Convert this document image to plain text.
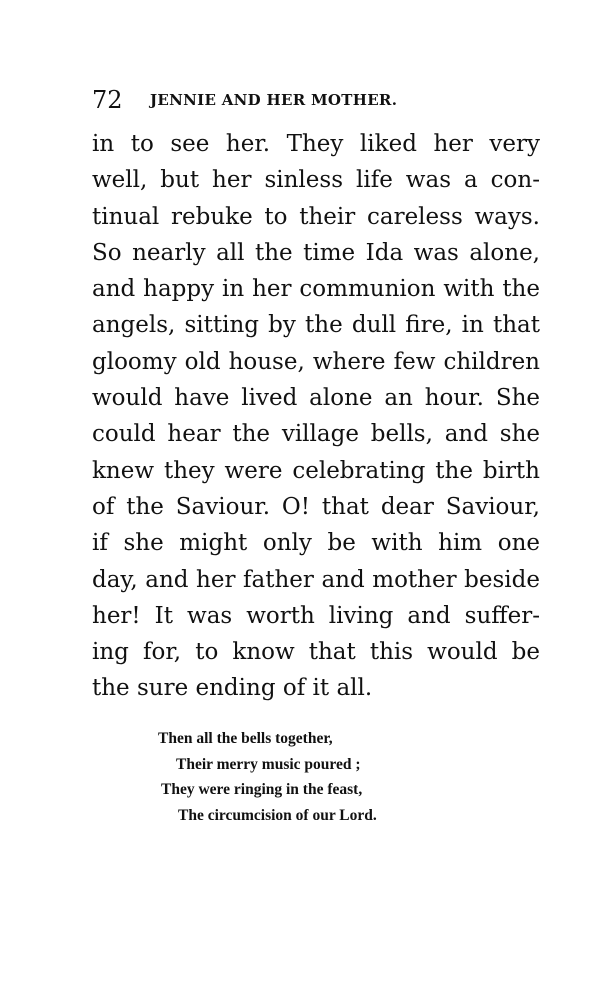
72 JENNIE AND HER MOTHER.
in to see her. They liked her very
well, but her sinless life was a con-
tinual rebuke to their careless ways.
So nearly all the time Ida was alone,
and happy in her communion with the
angels, sitting by the dull fire, in that
gloomy old house, where few children
would have lived alone an hour. She
could hear the village bells, and she
knew they were celebrating the birth
of the Saviour. O! that dear Saviour,
if she might only be with him one
day, and her father and mother beside
her! It was worth living and suffer-
ing for, to know that this would be
the sure ending of it all.
Then all the bells together,
Their merry music poured ;
They were ringing in the feast,
The circumcision of our Lord.
